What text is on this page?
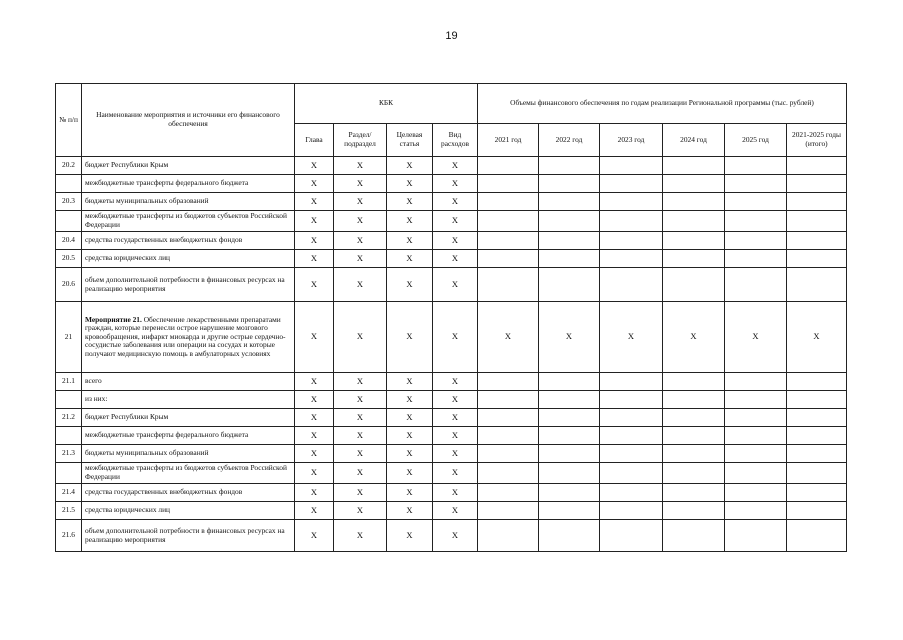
19
№ п/п	Наименование мероприятия и источники его финансового обеспечения	КБК				Объемы финансового обеспечения по годам реализации Региональной программы (тыс. рублей)					
		Глава	Раздел/ подраздел	Целевая статья	Вид расходов	2021 год	2022 год	2023 год	2024 год	2025 год	2021-2025 годы (итого)
20.2	бюджет Республики Крым	X	X	X	X						
	межбюджетные трансферты федерального бюджета	X	X	X	X						
20.3	бюджеты муниципальных образований	X	X	X	X						
	межбюджетные трансферты из бюджетов субъектов Российской Федерации	X	X	X	X						
20.4	средства государственных внебюджетных фондов	X	X	X	X						
20.5	средства юридических лиц	X	X	X	X						
20.6	объем дополнительной потребности в финансовых ресурсах на реализацию мероприятия	X	X	X	X						
21	Мероприятие 21. Обеспечение лекарственными препаратами граждан, которые перенесли острое нарушение мозгового кровообращения, инфаркт миокарда и другие острые сердечно-сосудистые заболевания или операции на сосудах и которые получают медицинскую помощь в амбулаторных условиях	X	X	X	X	X	X	X	X	X	X
21.1	всего	X	X	X	X						
	из них:	X	X	X	X						
21.2	бюджет Республики Крым	X	X	X	X						
	межбюджетные трансферты федерального бюджета	X	X	X	X						
21.3	бюджеты муниципальных образований	X	X	X	X						
	межбюджетные трансферты из бюджетов субъектов Российской Федерации	X	X	X	X						
21.4	средства государственных внебюджетных фондов	X	X	X	X						
21.5	средства юридических лиц	X	X	X	X						
21.6	объем дополнительной потребности в финансовых ресурсах на реализацию мероприятия	X	X	X	X						
